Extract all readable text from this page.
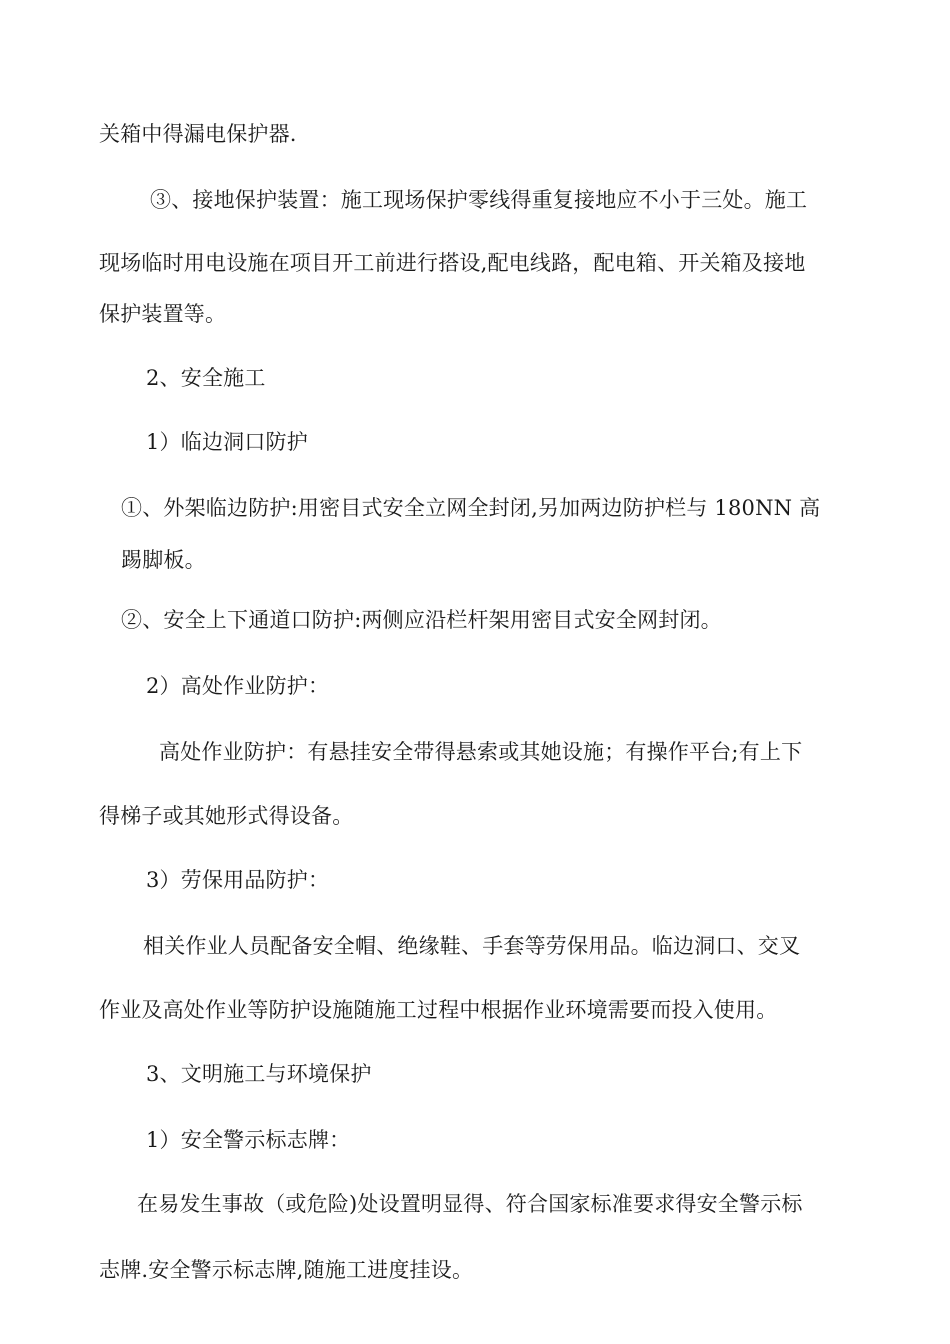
关箱中得漏电保护器.
③、接地保护装置：施工现场保护零线得重复接地应不小于三处。施工
现场临时用电设施在项目开工前进行搭设,配电线路，配电箱、开关箱及接地
保护装置等。
2、安全施工
1）临边洞口防护
①、外架临边防护:用密目式安全立网全封闭,另加两边防护栏与 180NN 高
踢脚板。
②、安全上下通道口防护:两侧应沿栏杆架用密目式安全网封闭。
2）高处作业防护：
高处作业防护：有悬挂安全带得悬索或其她设施；有操作平台;有上下
得梯子或其她形式得设备。
3）劳保用品防护：
相关作业人员配备安全帽、绝缘鞋、手套等劳保用品。临边洞口、交叉
作业及高处作业等防护设施随施工过程中根据作业环境需要而投入使用。
3、文明施工与环境保护
1）安全警示标志牌：
在易发生事故（或危险)处设置明显得、符合国家标准要求得安全警示标
志牌.安全警示标志牌,随施工进度挂设。
